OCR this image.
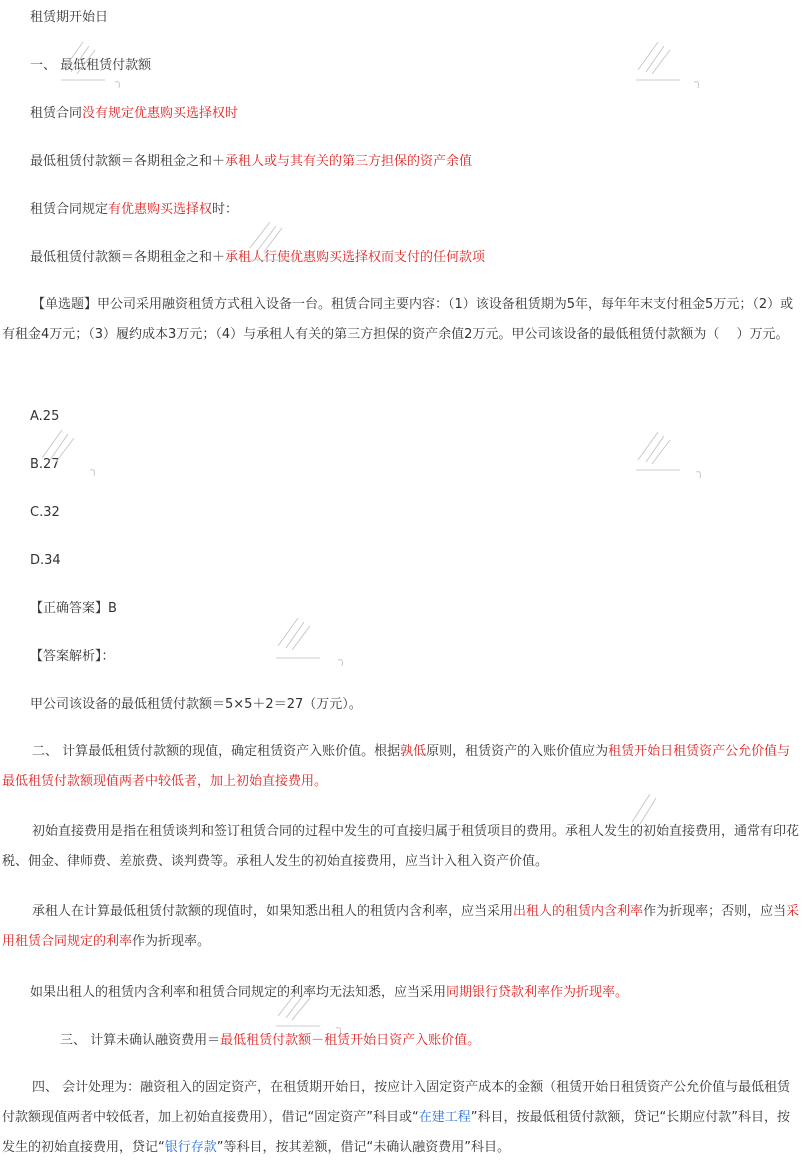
租赁期开始日
一、 最低租赁付款额
租赁合同没有规定优惠购买选择权时
最低租赁付款额＝各期租金之和＋承租人或与其有关的第三方担保的资产余值
租赁合同规定有优惠购买选择权时：
最低租赁付款额＝各期租金之和＋承租人行使优惠购买选择权而支付的任何款项
【单选题】甲公司采用融资租赁方式租入设备一台。租赁合同主要内容：（1）该设备租赁期为5年，每年年末支付租金5万元；（2）或有租金4万元；（3）履约成本3万元；（4）与承租人有关的第三方担保的资产余值2万元。甲公司该设备的最低租赁付款额为（　 ）万元。
A.25
B.27
C.32
D.34
【正确答案】B
【答案解析】：
甲公司该设备的最低租赁付款额＝5×5＋2＝27（万元）。
二、 计算最低租赁付款额的现值，确定租赁资产入账价值。根据孰低原则，租赁资产的入账价值应为租赁开始日租赁资产公允价值与最低租赁付款额现值两者中较低者，加上初始直接费用。
初始直接费用是指在租赁谈判和签订租赁合同的过程中发生的可直接归属于租赁项目的费用。承租人发生的初始直接费用，通常有印花税、佣金、律师费、差旅费、谈判费等。承租人发生的初始直接费用，应当计入租入资产价值。
承租人在计算最低租赁付款额的现值时，如果知悉出租人的租赁内含利率，应当采用出租人的租赁内含利率作为折现率；否则，应当采用租赁合同规定的利率作为折现率。
如果出租人的租赁内含利率和租赁合同规定的利率均无法知悉，应当采用同期银行贷款利率作为折现率。
三、 计算未确认融资费用＝最低租赁付款额－租赁开始日资产入账价值。
四、 会计处理为：融资租入的固定资产，在租赁期开始日，按应计入固定资产成本的金额（租赁开始日租赁资产公允价值与最低租赁付款额现值两者中较低者，加上初始直接费用），借记“固定资产”科目或“在建工程”科目，按最低租赁付款额，贷记“长期应付款”科目，按发生的初始直接费用，贷记“银行存款”等科目，按其差额，借记“未确认融资费用”科目。
